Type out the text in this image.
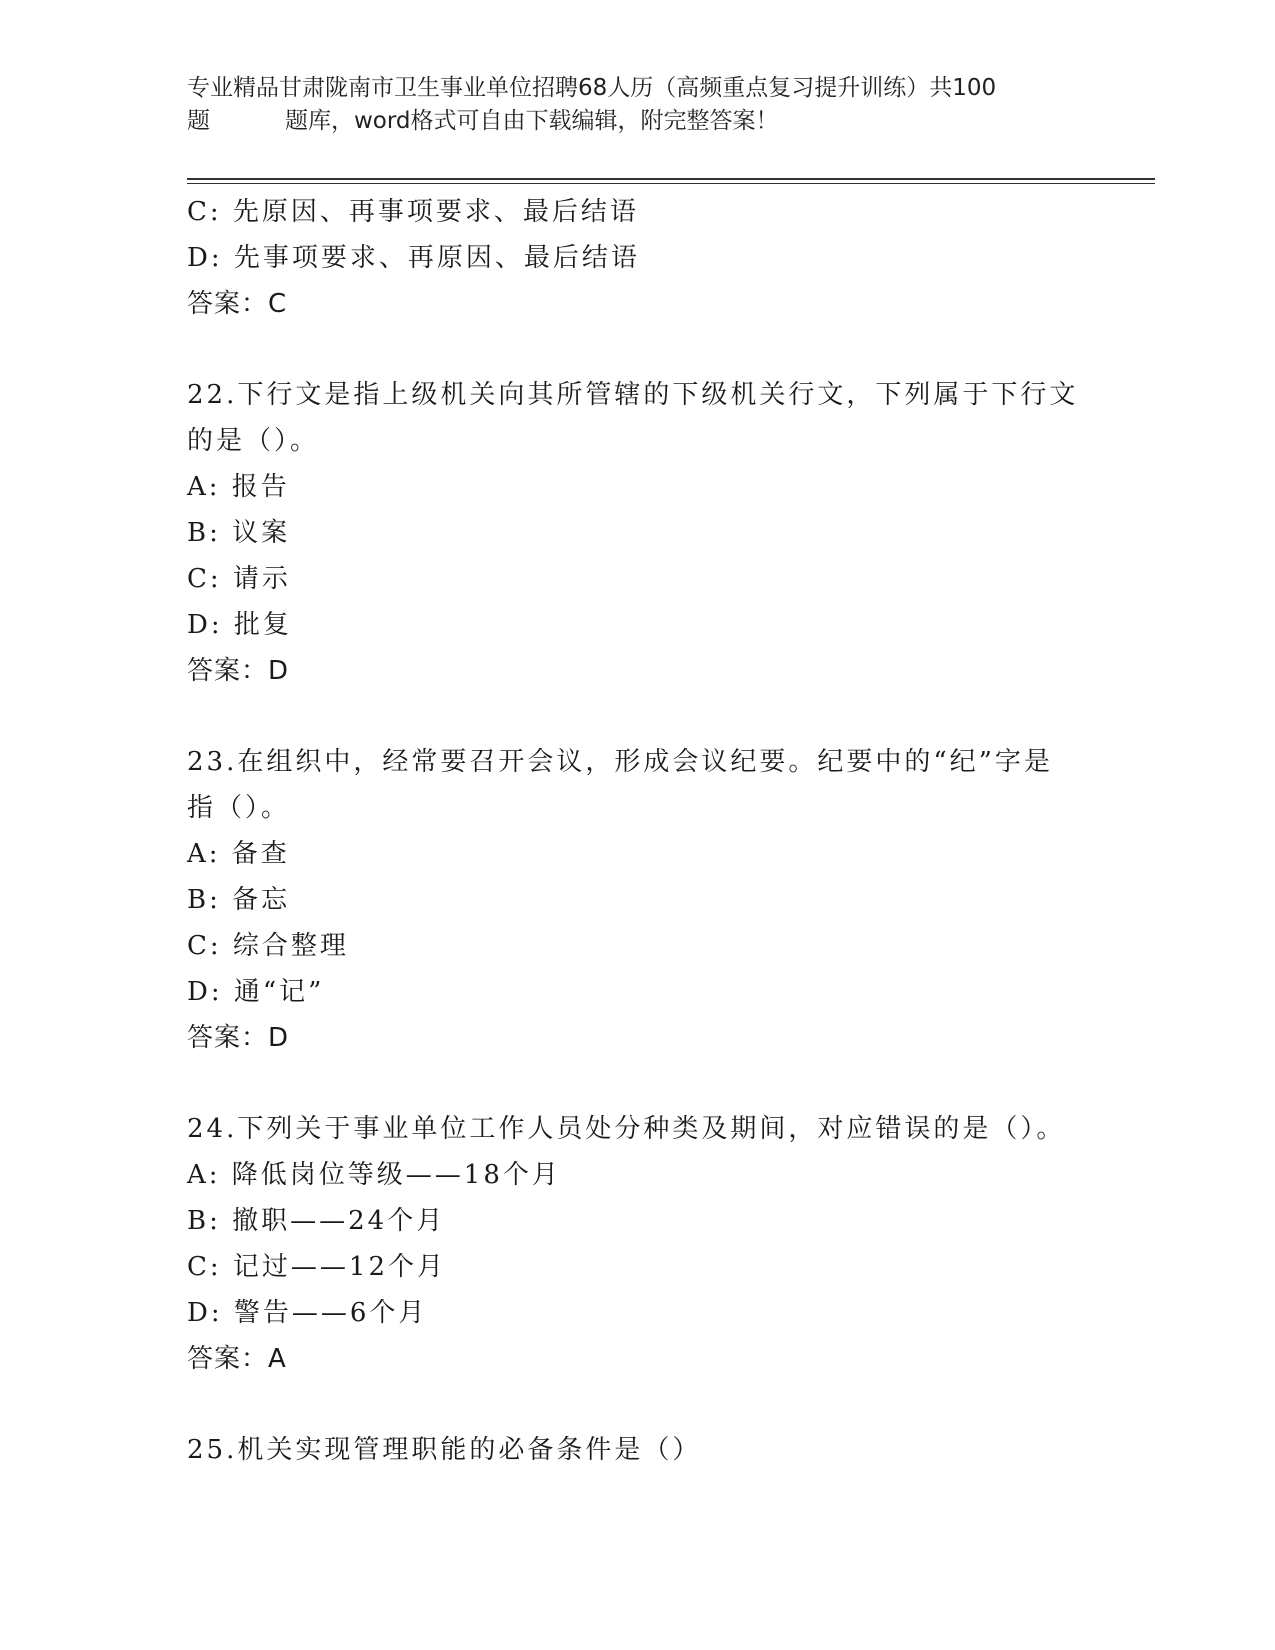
专业精品甘肃陇南市卫生事业单位招聘68人历（高频重点复习提升训练）共100
题	题库，word格式可自由下载编辑，附完整答案！
C: 先原因、再事项要求、最后结语
D: 先事项要求、再原因、最后结语
答案：C
22.下行文是指上级机关向其所管辖的下级机关行文，下列属于下行文
的是（）。
A: 报告
B: 议案
C: 请示
D: 批复
答案：D
23.在组织中，经常要召开会议，形成会议纪要。纪要中的“纪”字是
指（）。
A: 备查
B: 备忘
C: 综合整理
D: 通“记”
答案：D
24.下列关于事业单位工作人员处分种类及期间，对应错误的是（）。
A: 降低岗位等级——18个月
B: 撤职——24个月
C: 记过——12个月
D: 警告——6个月
答案：A
25.机关实现管理职能的必备条件是（）
